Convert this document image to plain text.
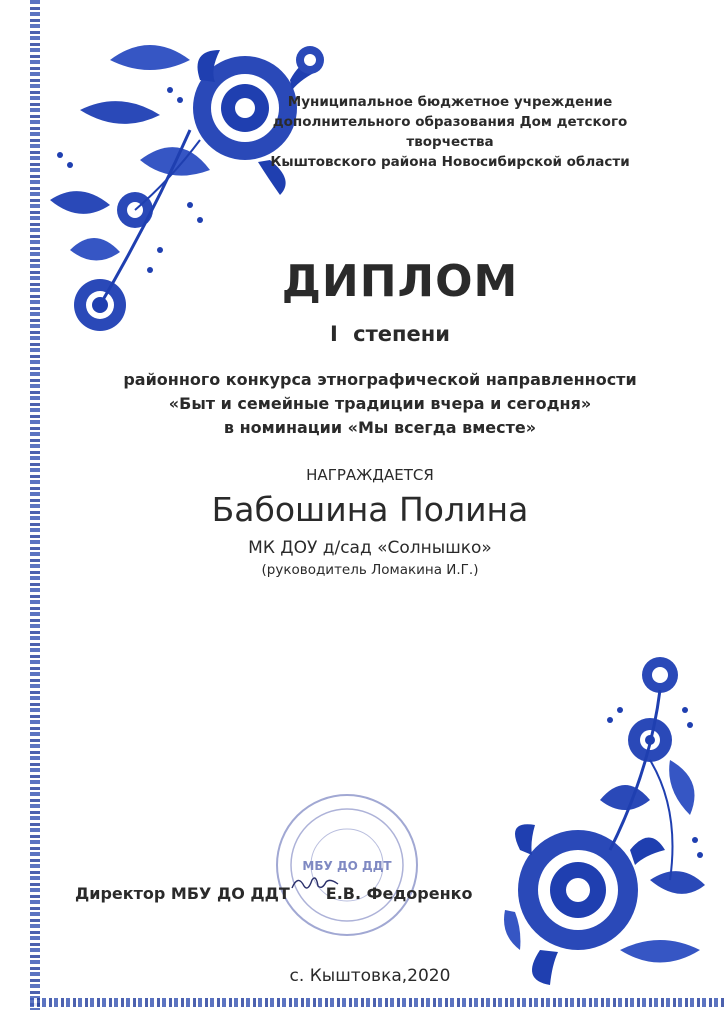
Муниципальное бюджетное учреждение
дополнительного образования Дом детского творчества
Кыштовского района Новосибирской области
ДИПЛОМ
I степени
районного конкурса этнографической направленности
«Быт и семейные традиции вчера и сегодня»
в номинации «Мы всегда вместе»
НАГРАЖДАЕТСЯ
Бабошина Полина
МК ДОУ д/сад «Солнышко»
(руководитель Ломакина И.Г.)
МБУ ДО ДДТ
Директор МБУ ДО ДДТ Е.В. Федоренко
с. Кыштовка,2020
